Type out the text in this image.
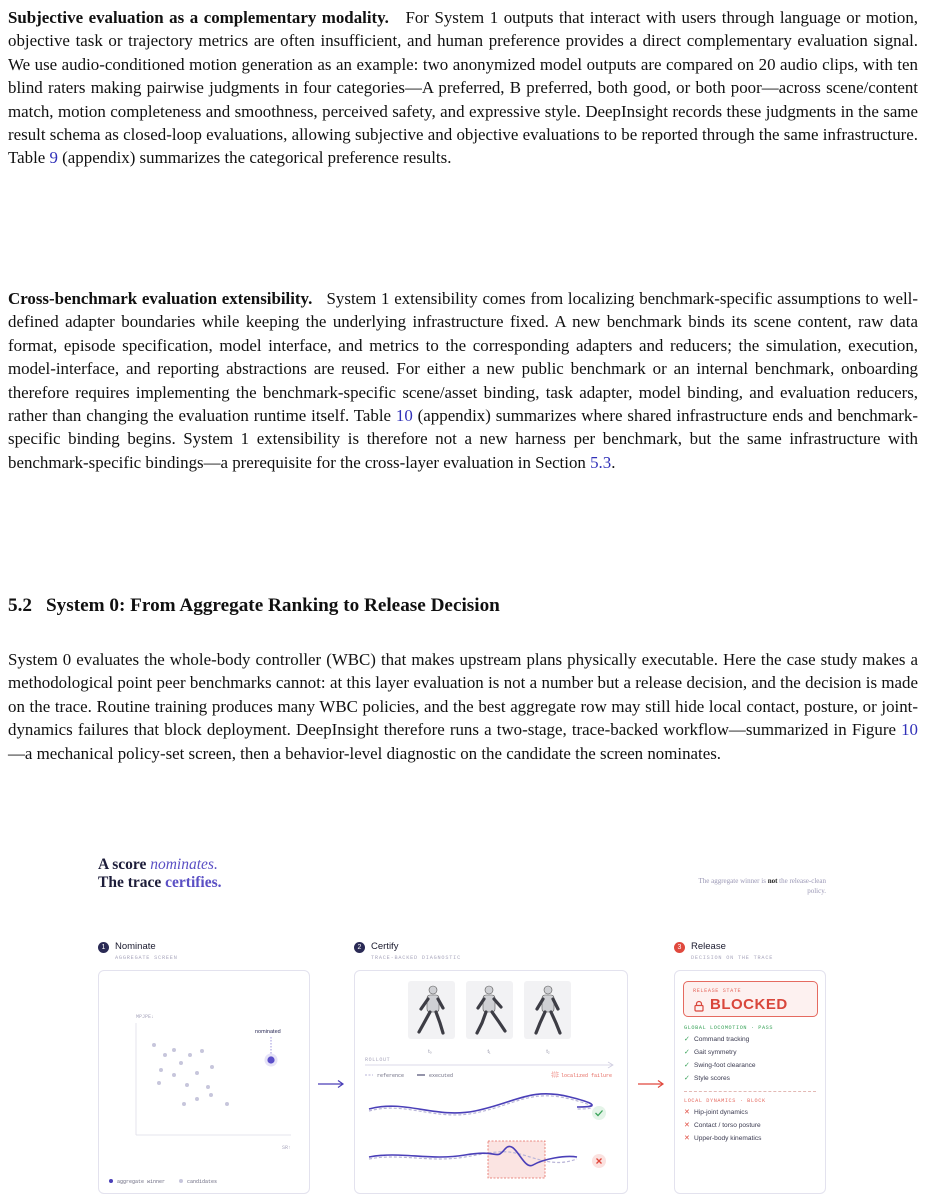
Subjective evaluation as a complementary modality. For System 1 outputs that interact with users through language or motion, objective task or trajectory metrics are often insufficient, and human preference provides a direct complementary evaluation signal. We use audio-conditioned motion generation as an example: two anonymized model outputs are compared on 20 audio clips, with ten blind raters making pairwise judgments in four categories—A preferred, B preferred, both good, or both poor—across scene/content match, motion completeness and smoothness, perceived safety, and expressive style. DeepInsight records these judgments in the same result schema as closed-loop evaluations, allowing subjective and objective evaluations to be reported through the same infrastructure. Table 9 (appendix) summarizes the categorical preference results.

Cross-benchmark evaluation extensibility. System 1 extensibility comes from localizing benchmark-specific assumptions to well-defined adapter boundaries while keeping the underlying infrastructure fixed. A new benchmark binds its scene content, raw data format, episode specification, model interface, and metrics to the corresponding adapters and reducers; the simulation, execution, model-interface, and reporting abstractions are reused. For either a new public benchmark or an internal benchmark, onboarding therefore requires implementing the benchmark-specific scene/asset binding, task adapter, model binding, and evaluation reducers, rather than changing the evaluation runtime itself. Table 10 (appendix) summarizes where shared infrastructure ends and benchmark-specific binding begins. System 1 extensibility is therefore not a new harness per benchmark, but the same infrastructure with benchmark-specific bindings—a prerequisite for the cross-layer evaluation in Section 5.3.

5.2 System 0: From Aggregate Ranking to Release Decision

System 0 evaluates the whole-body controller (WBC) that makes upstream plans physically executable. Here the case study makes a methodological point peer benchmarks cannot: at this layer evaluation is not a number but a release decision, and the decision is made on the trace. Routine training produces many WBC policies, and the best aggregate row may still hide local contact, posture, or joint-dynamics failures that block deployment. DeepInsight therefore runs a two-stage, trace-backed workflow—summarized in Figure 10—a mechanical policy-set screen, then a behavior-level diagnostic on the candidate the screen nominates.

A score nominates.
The trace certifies.	The aggregate winner is not the release-clean policy.
1	Nominate
AGGREGATE SCREEN
2	Certify
TRACE-BACKED DIAGNOSTIC
3	Release
DECISION ON THE TRACE
MPJPE↓
SR↑
nominated
aggregate winner	candidates
t₀	t₁	t₂
ROLLOUT
reference	executed	localized failure
RELEASE STATE
BLOCKED
GLOBAL LOCOMOTION · PASS
✓ Command tracking
✓ Gait symmetry
✓ Swing-foot clearance
✓ Style scores
LOCAL DYNAMICS · BLOCK
✕ Hip-joint dynamics
✕ Contact / torso posture
✕ Upper-body kinematics
